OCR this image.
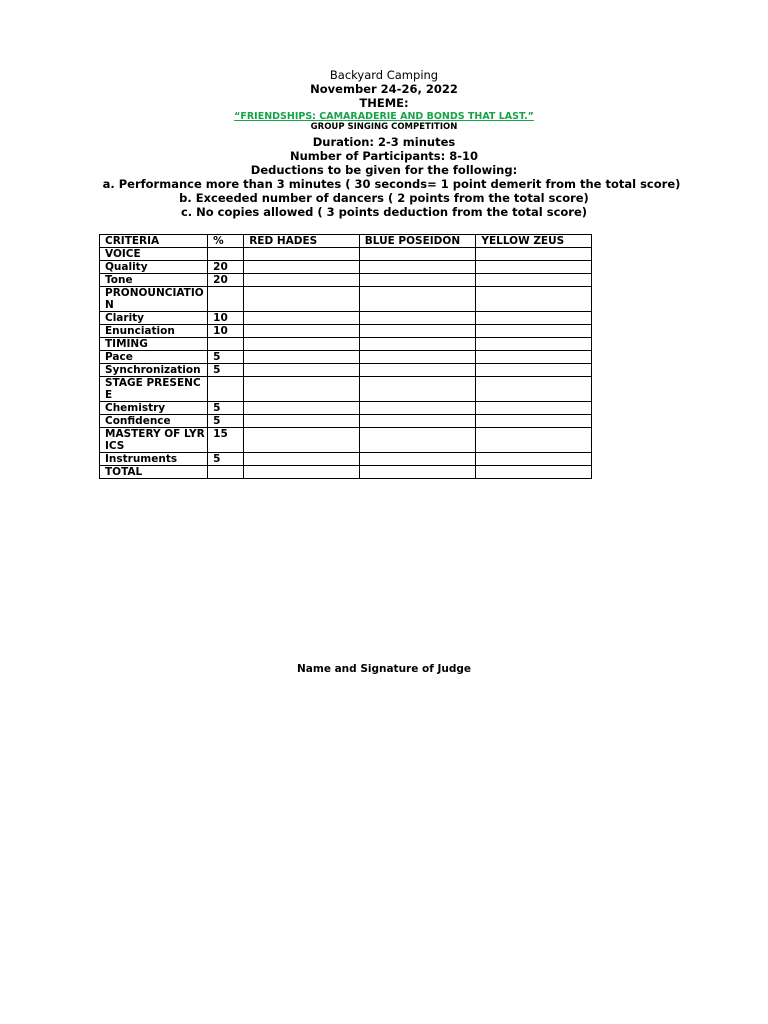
Backyard Camping
November 24-26, 2022
THEME:
“FRIENDSHIPS: CAMARADERIE AND BONDS THAT LAST.”
GROUP SINGING COMPETITION
Duration: 2-3 minutes
Number of Participants: 8-10
Deductions to be given for the following:
a. Performance more than 3 minutes ( 30 seconds= 1 point demerit from the total score)
b. Exceeded number of dancers ( 2 points from the total score)
c. No copies allowed ( 3 points deduction from the total score)
CRITERIA	%	RED HADES	BLUE POSEIDON	YELLOW ZEUS
VOICE				
Quality	20			
Tone	20			
PRONOUNCIATION				
Clarity	10			
Enunciation	10			
TIMING				
Pace	5			
Synchronization	5			
STAGE PRESENCE				
Chemistry	5			
Confidence	5			
MASTERY OF LYRICS	15			
Instruments	5			
TOTAL				
Name and Signature of Judge
